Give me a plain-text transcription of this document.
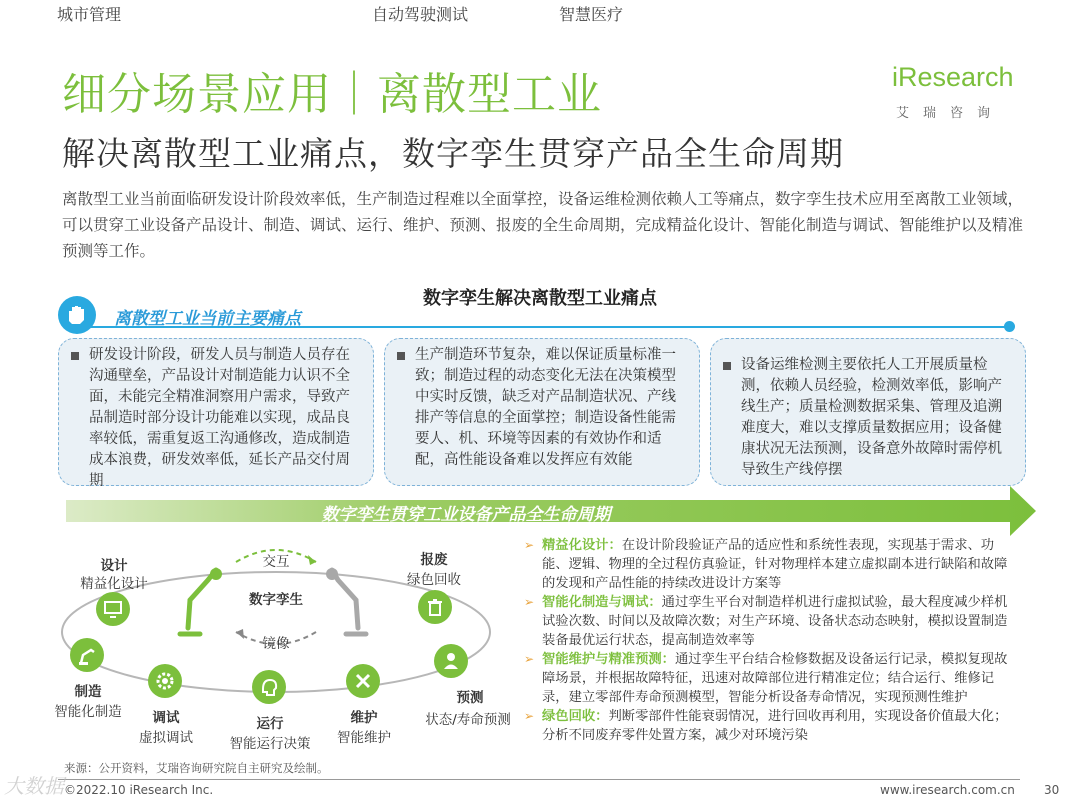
城市管理	智慧工业	自动驾驶测试	智慧医疗
细分场景应用｜离散型工业	iResearch
艾瑞咨询
解决离散型工业痛点，数字孪生贯穿产品全生命周期
离散型工业当前面临研发设计阶段效率低，生产制造过程难以全面掌控，设备运维检测依赖人工等痛点，数字孪生技术应用至离散工业领域，可以贯穿工业设备产品设计、制造、调试、运行、维护、预测、报废的全生命周期，完成精益化设计、智能化制造与调试、智能维护以及精准预测等工作。
数字孪生解决离散型工业痛点
离散型工业当前主要痛点
研发设计阶段，研发人员与制造人员存在沟通壁垒，产品设计对制造能力认识不全面，未能完全精准洞察用户需求，导致产品制造时部分设计功能难以实现，成品良率较低，需重复返工沟通修改，造成制造成本浪费，研发效率低，延长产品交付周期
生产制造环节复杂，难以保证质量标准一致；制造过程的动态变化无法在决策模型中实时反馈，缺乏对产品制造状况、产线排产等信息的全面掌控；制造设备性能需要人、机、环境等因素的有效协作和适配，高性能设备难以发挥应有效能
设备运维检测主要依托人工开展质量检测，依赖人员经验，检测效率低，影响产线生产；质量检测数据采集、管理及追溯难度大，难以支撑质量数据应用；设备健康状况无法预测，设备意外故障时需停机导致生产线停摆
数字孪生贯穿工业设备产品全生命周期
交互
数字孪生
镜像
设计
精益化设计
制造
智能化制造	调试
虚拟调试
运行
智能运行决策
维护
智能维护
预测
状态/寿命预测
报废
绿色回收
➢ 精益化设计：在设计阶段验证产品的适应性和系统性表现，实现基于需求、功能、逻辑、物理的全过程仿真验证，针对物理样本建立虚拟副本进行缺陷和故障的发现和产品性能的持续改进设计方案等
➢ 智能化制造与调试：通过孪生平台对制造样机进行虚拟试验，最大程度减少样机试验次数、时间以及故障次数；对生产环境、设备状态动态映射，模拟设置制造装备最优运行状态，提高制造效率等
➢ 智能维护与精准预测：通过孪生平台结合检修数据及设备运行记录，模拟复现故障场景，并根据故障特征，迅速对故障部位进行精准定位；结合运行、维修记录，建立零部件寿命预测模型，智能分析设备寿命情况，实现预测性维护
➢ 绿色回收：判断零部件性能衰弱情况，进行回收再利用，实现设备价值最大化；分析不同废弃零件处置方案，减少对环境污染
来源：公开资料，艾瑞咨询研究院自主研究及绘制。
©2022.10 iResearch Inc.	www.iresearch.com.cn 30
大数据
